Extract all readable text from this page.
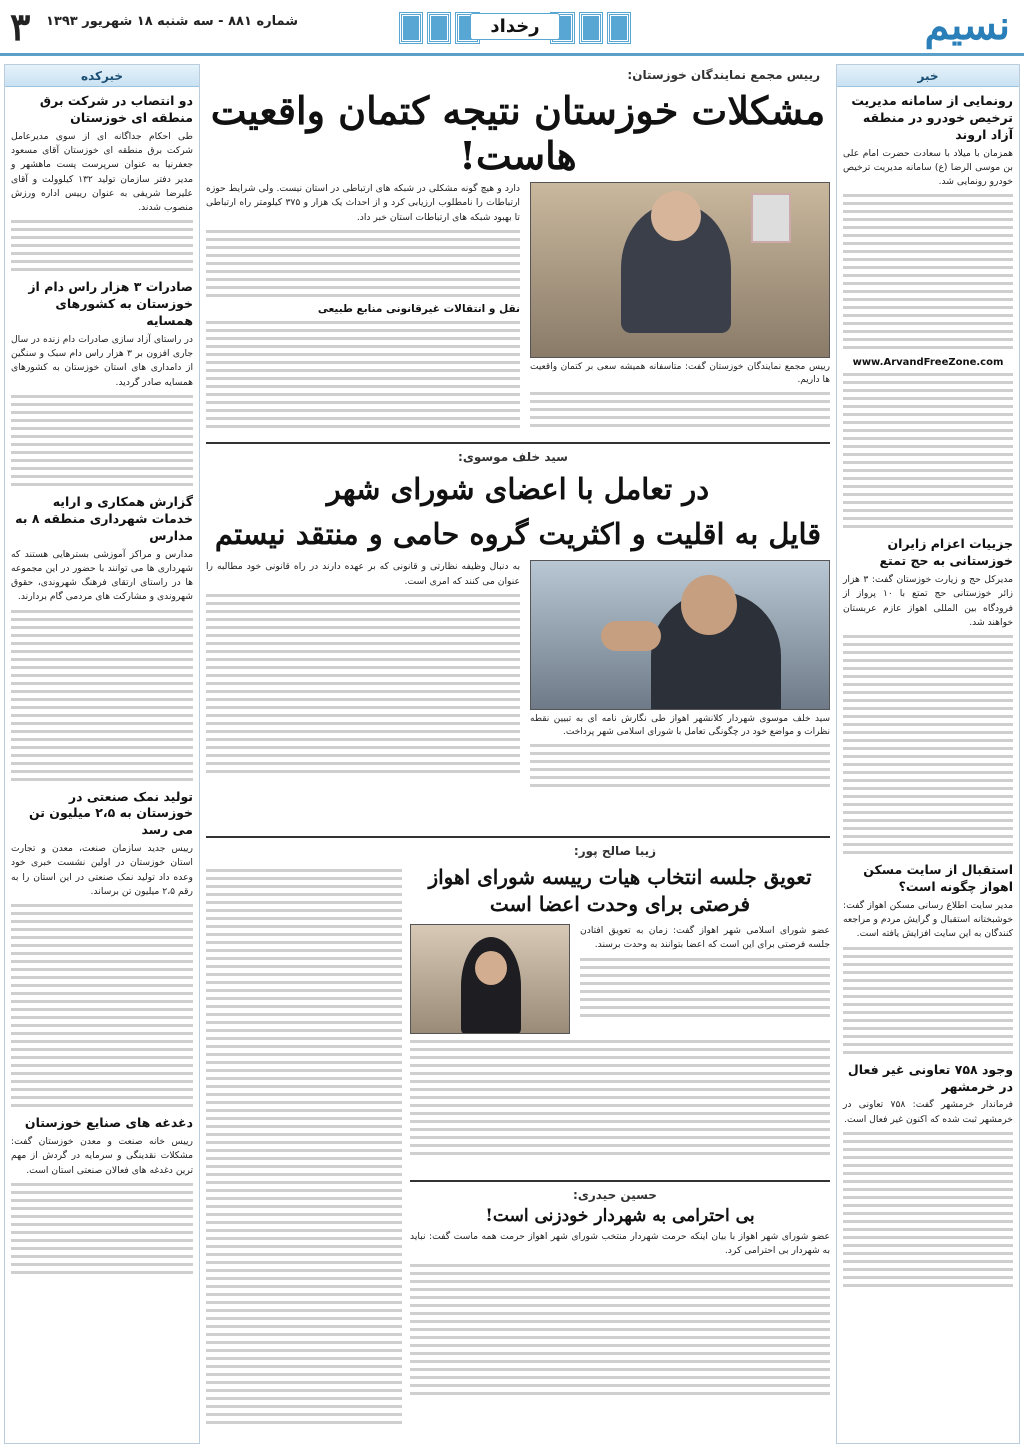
۳ شماره ۸۸۱ - سه شنبه ۱۸ شهریور ۱۳۹۳	رخداد	نسیم
خبرکده
دو انتصاب در شرکت برق منطقه ای خوزستان
طی احکام جداگانه ای از سوی مدیرعامل شرکت برق منطقه ای خوزستان آقای مسعود جعفرنیا به عنوان سرپرست پست ماهشهر و مدیر دفتر سازمان تولید ۱۳۲ کیلوولت و آقای علیرضا شریفی به عنوان رییس اداره ورزش منصوب شدند.
صادرات ۳ هزار راس دام از خوزستان به کشورهای همسایه
در راستای آزاد سازی صادرات دام زنده در سال جاری افزون بر ۳ هزار راس دام سبک و سنگین از دامداری های استان خوزستان به کشورهای همسایه صادر گردید.
گزارش همکاری و ارایه خدمات شهرداری منطقه ۸ به مدارس
مدارس و مراکز آموزشی بسترهایی هستند که شهرداری ها می توانند با حضور در این مجموعه ها در راستای ارتقای فرهنگ شهروندی، حقوق شهروندی و مشارکت های مردمی گام بردارند.
تولید نمک صنعتی در خوزستان به ۲،۵ میلیون تن می رسد
رییس جدید سازمان صنعت، معدن و تجارت استان خوزستان در اولین نشست خبری خود وعده داد تولید نمک صنعتی در این استان را به رقم ۲،۵ میلیون تن برساند.
دغدغه های صنایع خوزستان
رییس خانه صنعت و معدن خوزستان گفت: مشکلات نقدینگی و سرمایه در گردش از مهم ترین دغدغه های فعالان صنعتی استان است.
خبر
رونمایی از سامانه مدیریت ترخیص خودرو در منطقه آزاد اروند
همزمان با میلاد با سعادت حضرت امام علی بن موسی الرضا (ع) سامانه مدیریت ترخیص خودرو رونمایی شد.
www.ArvandFreeZone.com
جزییات اعزام زایران خوزستانی به حج تمتع
مدیرکل حج و زیارت خوزستان گفت: ۳ هزار زائر خوزستانی حج تمتع با ۱۰ پرواز از فرودگاه بین المللی اهواز عازم عربستان خواهند شد.
استقبال از سایت مسکن اهواز چگونه است؟
مدیر سایت اطلاع رسانی مسکن اهواز گفت: خوشبختانه استقبال و گرایش مردم و مراجعه کنندگان به این سایت افزایش یافته است.
وجود ۷۵۸ تعاونی غیر فعال در خرمشهر
فرماندار خرمشهر گفت: ۷۵۸ تعاونی در خرمشهر ثبت شده که اکنون غیر فعال است.
رییس مجمع نمایندگان خوزستان:
مشکلات خوزستان نتیجه کتمان واقعیت هاست!
رییس مجمع نمایندگان خوزستان گفت: متاسفانه همیشه سعی بر کتمان واقعیت ها داریم.
دارد و هیچ گونه مشکلی در شبکه های ارتباطی در استان نیست. ولی شرایط حوزه ارتباطات را نامطلوب ارزیابی کرد و از احداث یک هزار و ۳۷۵ کیلومتر راه ارتباطی تا بهبود شبکه های ارتباطات استان خبر داد.
نقل و انتقالات غیرقانونی منابع طبیعی
سید خلف موسوی:
در تعامل با اعضای شورای شهر
قایل به اقلیت و اکثریت گروه حامی و منتقد نیستم
سید خلف موسوی شهردار کلانشهر اهواز طی نگارش نامه ای به تبیین نقطه نظرات و مواضع خود در چگونگی تعامل با شورای اسلامی شهر پرداخت.
به دنبال وظیفه نظارتی و قانونی که بر عهده دارند در راه قانونی خود مطالبه را عنوان می کنند که امری است.
زیبا صالح پور:
تعویق جلسه انتخاب هیات رییسه شورای اهواز فرصتی برای وحدت اعضا است
عضو شورای اسلامی شهر اهواز گفت: زمان به تعویق افتادن جلسه فرصتی برای این است که اعضا بتوانند به وحدت برسند.
حسین حیدری:
بی احترامی به شهردار خودزنی است!
عضو شورای شهر اهواز با بیان اینکه حرمت شهردار منتخب شورای شهر اهواز حرمت همه ماست گفت: نباید به شهردار بی احترامی کرد.
